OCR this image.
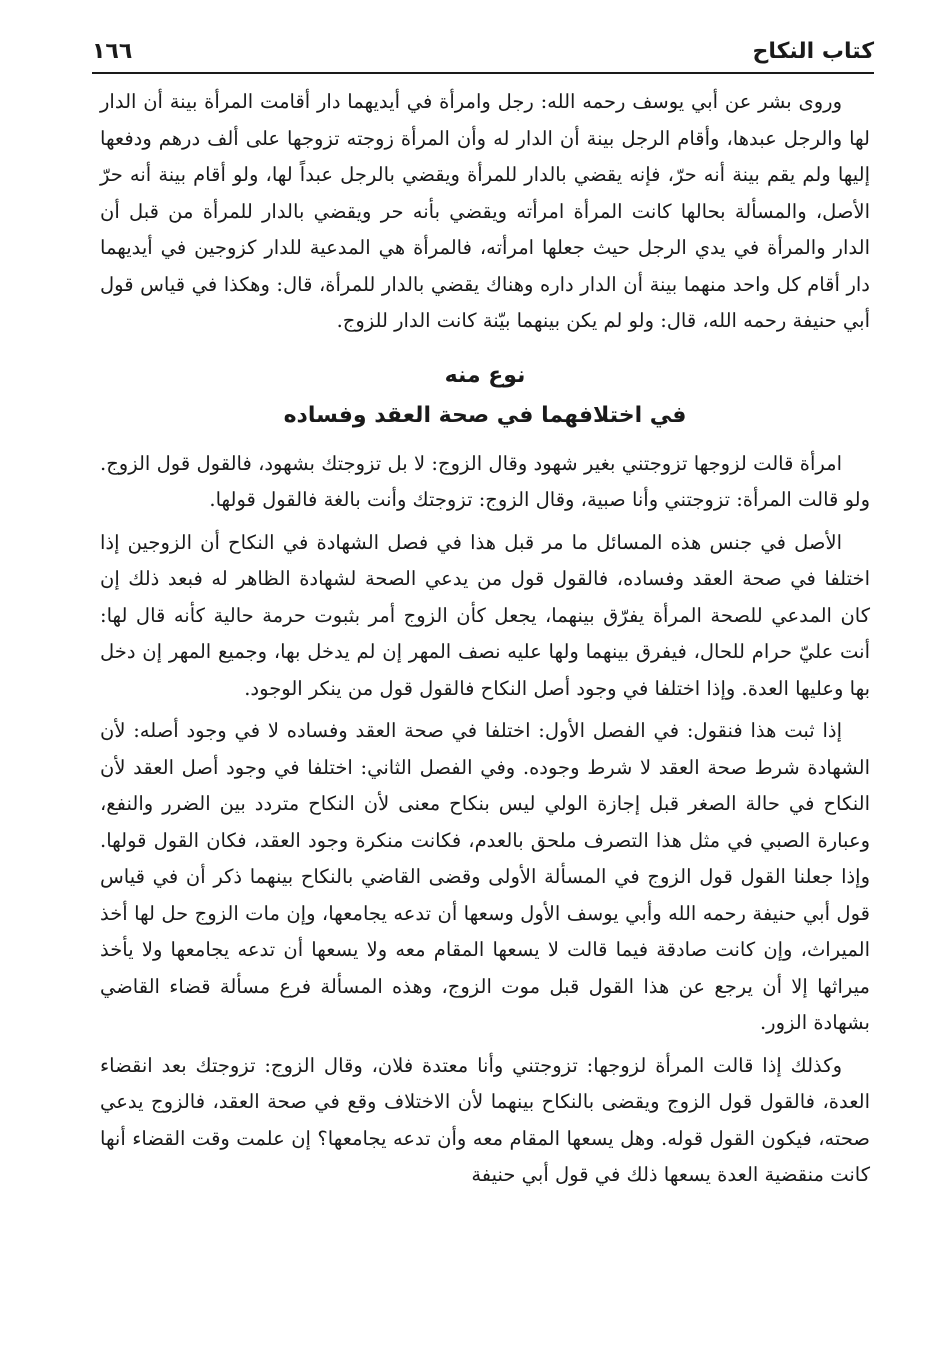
كتاب النكاح
١٦٦

وروى بشر عن أبي يوسف رحمه الله: رجل وامرأة في أيديهما دار أقامت المرأة بينة أن الدار لها والرجل عبدها، وأقام الرجل بينة أن الدار له وأن المرأة زوجته تزوجها على ألف درهم ودفعها إليها ولم يقم بينة أنه حرّ، فإنه يقضي بالدار للمرأة ويقضي بالرجل عبداً لها، ولو أقام بينة أنه حرّ الأصل، والمسألة بحالها كانت المرأة امرأته ويقضي بأنه حر ويقضي بالدار للمرأة من قبل أن الدار والمرأة في يدي الرجل حيث جعلها امرأته، فالمرأة هي المدعية للدار كزوجين في أيديهما دار أقام كل واحد منهما بينة أن الدار داره وهناك يقضي بالدار للمرأة، قال: وهكذا في قياس قول أبي حنيفة رحمه الله، قال: ولو لم يكن بينهما بيّنة كانت الدار للزوج.

نوع منه
في اختلافهما في صحة العقد وفساده

امرأة قالت لزوجها تزوجتني بغير شهود وقال الزوج: لا بل تزوجتك بشهود، فالقول قول الزوج. ولو قالت المرأة: تزوجتني وأنا صبية، وقال الزوج: تزوجتك وأنت بالغة فالقول قولها.

الأصل في جنس هذه المسائل ما مر قبل هذا في فصل الشهادة في النكاح أن الزوجين إذا اختلفا في صحة العقد وفساده، فالقول قول من يدعي الصحة لشهادة الظاهر له فبعد ذلك إن كان المدعي للصحة المرأة يفرّق بينهما، يجعل كأن الزوج أمر بثبوت حرمة حالية كأنه قال لها: أنت عليّ حرام للحال، فيفرق بينهما ولها عليه نصف المهر إن لم يدخل بها، وجميع المهر إن دخل بها وعليها العدة. وإذا اختلفا في وجود أصل النكاح فالقول قول من ينكر الوجود.

إذا ثبت هذا فنقول: في الفصل الأول: اختلفا في صحة العقد وفساده لا في وجود أصله: لأن الشهادة شرط صحة العقد لا شرط وجوده. وفي الفصل الثاني: اختلفا في وجود أصل العقد لأن النكاح في حالة الصغر قبل إجازة الولي ليس بنكاح معنى لأن النكاح متردد بين الضرر والنفع، وعبارة الصبي في مثل هذا التصرف ملحق بالعدم، فكانت منكرة وجود العقد، فكان القول قولها. وإذا جعلنا القول قول الزوج في المسألة الأولى وقضى القاضي بالنكاح بينهما ذكر أن في قياس قول أبي حنيفة رحمه الله وأبي يوسف الأول وسعها أن تدعه يجامعها، وإن مات الزوج حل لها أخذ الميراث، وإن كانت صادقة فيما قالت لا يسعها المقام معه ولا يسعها أن تدعه يجامعها ولا يأخذ ميراثها إلا أن يرجع عن هذا القول قبل موت الزوج، وهذه المسألة فرع مسألة قضاء القاضي بشهادة الزور.

وكذلك إذا قالت المرأة لزوجها: تزوجتني وأنا معتدة فلان، وقال الزوج: تزوجتك بعد انقضاء العدة، فالقول قول الزوج ويقضى بالنكاح بينهما لأن الاختلاف وقع في صحة العقد، فالزوج يدعي صحته، فيكون القول قوله. وهل يسعها المقام معه وأن تدعه يجامعها؟ إن علمت وقت القضاء أنها كانت منقضية العدة يسعها ذلك في قول أبي حنيفة
